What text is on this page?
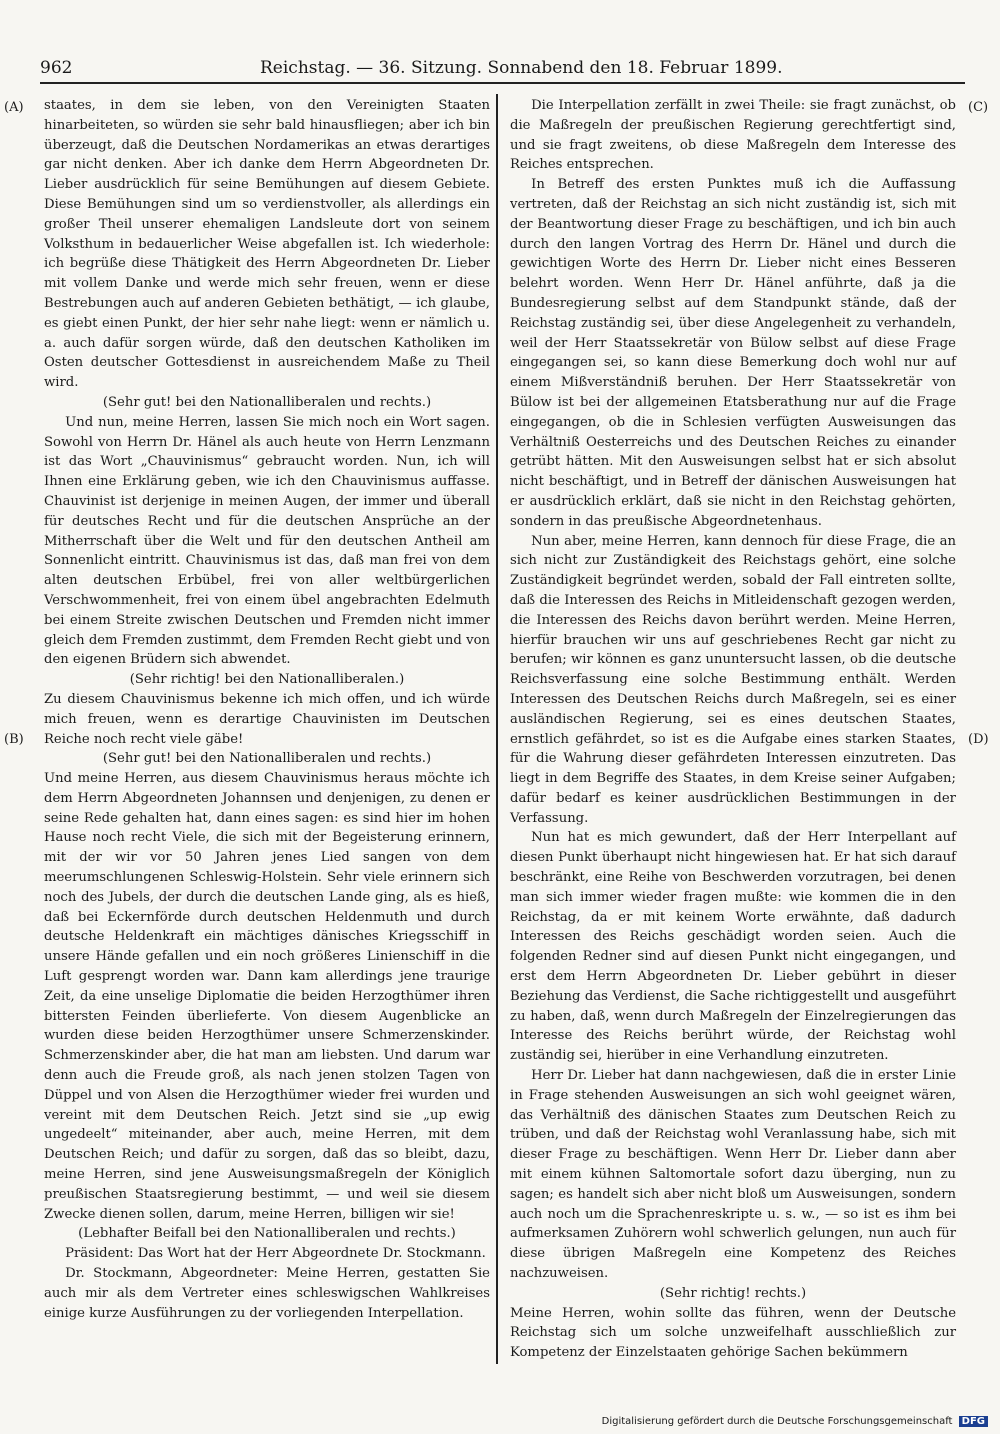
962	Reichstag. — 36. Sitzung. Sonnabend den 18. Februar 1899.
(A)
(B)
(C)
(D)

staates, in dem sie leben, von den Vereinigten Staaten hinarbeiteten, so würden sie sehr bald hinausfliegen; aber ich bin überzeugt, daß die Deutschen Nordamerikas an etwas derartiges gar nicht denken. Aber ich danke dem Herrn Abgeordneten Dr. Lieber ausdrücklich für seine Bemühungen auf diesem Gebiete. Diese Bemühungen sind um so verdienstvoller, als allerdings ein großer Theil unserer ehemaligen Landsleute dort von seinem Volksthum in bedauerlicher Weise abgefallen ist. Ich wiederhole: ich begrüße diese Thätigkeit des Herrn Abgeordneten Dr. Lieber mit vollem Danke und werde mich sehr freuen, wenn er diese Bestrebungen auch auf anderen Gebieten bethätigt, — ich glaube, es giebt einen Punkt, der hier sehr nahe liegt: wenn er nämlich u. a. auch dafür sorgen würde, daß den deutschen Katholiken im Osten deutscher Gottesdienst in ausreichendem Maße zu Theil wird.

(Sehr gut! bei den Nationalliberalen und rechts.)

Und nun, meine Herren, lassen Sie mich noch ein Wort sagen. Sowohl von Herrn Dr. Hänel als auch heute von Herrn Lenzmann ist das Wort „Chauvinismus“ gebraucht worden. Nun, ich will Ihnen eine Erklärung geben, wie ich den Chauvinismus auffasse. Chauvinist ist derjenige in meinen Augen, der immer und überall für deutsches Recht und für die deutschen Ansprüche an der Mitherrschaft über die Welt und für den deutschen Antheil am Sonnenlicht eintritt. Chauvinismus ist das, daß man frei von dem alten deutschen Erbübel, frei von aller weltbürgerlichen Verschwommenheit, frei von einem übel angebrachten Edelmuth bei einem Streite zwischen Deutschen und Fremden nicht immer gleich dem Fremden zustimmt, dem Fremden Recht giebt und von den eigenen Brüdern sich abwendet.

(Sehr richtig! bei den Nationalliberalen.)

Zu diesem Chauvinismus bekenne ich mich offen, und ich würde mich freuen, wenn es derartige Chauvinisten im Deutschen Reiche noch recht viele gäbe!

(Sehr gut! bei den Nationalliberalen und rechts.)

Und meine Herren, aus diesem Chauvinismus heraus möchte ich dem Herrn Abgeordneten Johannsen und denjenigen, zu denen er seine Rede gehalten hat, dann eines sagen: es sind hier im hohen Hause noch recht Viele, die sich mit der Begeisterung erinnern, mit der wir vor 50 Jahren jenes Lied sangen von dem meerumschlungenen Schleswig-Holstein. Sehr viele erinnern sich noch des Jubels, der durch die deutschen Lande ging, als es hieß, daß bei Eckernförde durch deutschen Heldenmuth und durch deutsche Heldenkraft ein mächtiges dänisches Kriegsschiff in unsere Hände gefallen und ein noch größeres Linienschiff in die Luft gesprengt worden war. Dann kam allerdings jene traurige Zeit, da eine unselige Diplomatie die beiden Herzogthümer ihren bittersten Feinden überlieferte. Von diesem Augenblicke an wurden diese beiden Herzogthümer unsere Schmerzenskinder. Schmerzenskinder aber, die hat man am liebsten. Und darum war denn auch die Freude groß, als nach jenen stolzen Tagen von Düppel und von Alsen die Herzogthümer wieder frei wurden und vereint mit dem Deutschen Reich. Jetzt sind sie „up ewig ungedeelt“ miteinander, aber auch, meine Herren, mit dem Deutschen Reich; und dafür zu sorgen, daß das so bleibt, dazu, meine Herren, sind jene Ausweisungsmaßregeln der Königlich preußischen Staatsregierung bestimmt, — und weil sie diesem Zwecke dienen sollen, darum, meine Herren, billigen wir sie!

(Lebhafter Beifall bei den Nationalliberalen und rechts.)

Präsident: Das Wort hat der Herr Abgeordnete Dr. Stockmann.

Dr. Stockmann, Abgeordneter: Meine Herren, gestatten Sie auch mir als dem Vertreter eines schleswigschen Wahlkreises einige kurze Ausführungen zu der vorliegenden Interpellation.

Die Interpellation zerfällt in zwei Theile: sie fragt zunächst, ob die Maßregeln der preußischen Regierung gerechtfertigt sind, und sie fragt zweitens, ob diese Maßregeln dem Interesse des Reiches entsprechen.

In Betreff des ersten Punktes muß ich die Auffassung vertreten, daß der Reichstag an sich nicht zuständig ist, sich mit der Beantwortung dieser Frage zu beschäftigen, und ich bin auch durch den langen Vortrag des Herrn Dr. Hänel und durch die gewichtigen Worte des Herrn Dr. Lieber nicht eines Besseren belehrt worden. Wenn Herr Dr. Hänel anführte, daß ja die Bundesregierung selbst auf dem Standpunkt stände, daß der Reichstag zuständig sei, über diese Angelegenheit zu verhandeln, weil der Herr Staatssekretär von Bülow selbst auf diese Frage eingegangen sei, so kann diese Bemerkung doch wohl nur auf einem Mißverständniß beruhen. Der Herr Staatssekretär von Bülow ist bei der allgemeinen Etatsberathung nur auf die Frage eingegangen, ob die in Schlesien verfügten Ausweisungen das Verhältniß Oesterreichs und des Deutschen Reiches zu einander getrübt hätten. Mit den Ausweisungen selbst hat er sich absolut nicht beschäftigt, und in Betreff der dänischen Ausweisungen hat er ausdrücklich erklärt, daß sie nicht in den Reichstag gehörten, sondern in das preußische Abgeordnetenhaus.

Nun aber, meine Herren, kann dennoch für diese Frage, die an sich nicht zur Zuständigkeit des Reichstags gehört, eine solche Zuständigkeit begründet werden, sobald der Fall eintreten sollte, daß die Interessen des Reichs in Mitleidenschaft gezogen werden, die Interessen des Reichs davon berührt werden. Meine Herren, hierfür brauchen wir uns auf geschriebenes Recht gar nicht zu berufen; wir können es ganz ununtersucht lassen, ob die deutsche Reichsverfassung eine solche Bestimmung enthält. Werden Interessen des Deutschen Reichs durch Maßregeln, sei es einer ausländischen Regierung, sei es eines deutschen Staates, ernstlich gefährdet, so ist es die Aufgabe eines starken Staates, für die Wahrung dieser gefährdeten Interessen einzutreten. Das liegt in dem Begriffe des Staates, in dem Kreise seiner Aufgaben; dafür bedarf es keiner ausdrücklichen Bestimmungen in der Verfassung.

Nun hat es mich gewundert, daß der Herr Interpellant auf diesen Punkt überhaupt nicht hingewiesen hat. Er hat sich darauf beschränkt, eine Reihe von Beschwerden vorzutragen, bei denen man sich immer wieder fragen mußte: wie kommen die in den Reichstag, da er mit keinem Worte erwähnte, daß dadurch Interessen des Reichs geschädigt worden seien. Auch die folgenden Redner sind auf diesen Punkt nicht eingegangen, und erst dem Herrn Abgeordneten Dr. Lieber gebührt in dieser Beziehung das Verdienst, die Sache richtiggestellt und ausgeführt zu haben, daß, wenn durch Maßregeln der Einzelregierungen das Interesse des Reichs berührt würde, der Reichstag wohl zuständig sei, hierüber in eine Verhandlung einzutreten.

Herr Dr. Lieber hat dann nachgewiesen, daß die in erster Linie in Frage stehenden Ausweisungen an sich wohl geeignet wären, das Verhältniß des dänischen Staates zum Deutschen Reich zu trüben, und daß der Reichstag wohl Veranlassung habe, sich mit dieser Frage zu beschäftigen. Wenn Herr Dr. Lieber dann aber mit einem kühnen Saltomortale sofort dazu überging, nun zu sagen; es handelt sich aber nicht bloß um Ausweisungen, sondern auch noch um die Sprachenreskripte u. s. w., — so ist es ihm bei aufmerksamen Zuhörern wohl schwerlich gelungen, nun auch für diese übrigen Maßregeln eine Kompetenz des Reiches nachzuweisen.

(Sehr richtig! rechts.)

Meine Herren, wohin sollte das führen, wenn der Deutsche Reichstag sich um solche unzweifelhaft ausschließlich zur Kompetenz der Einzelstaaten gehörige Sachen bekümmern

Digitalisierung gefördert durch die Deutsche Forschungsgemeinschaft DFG
